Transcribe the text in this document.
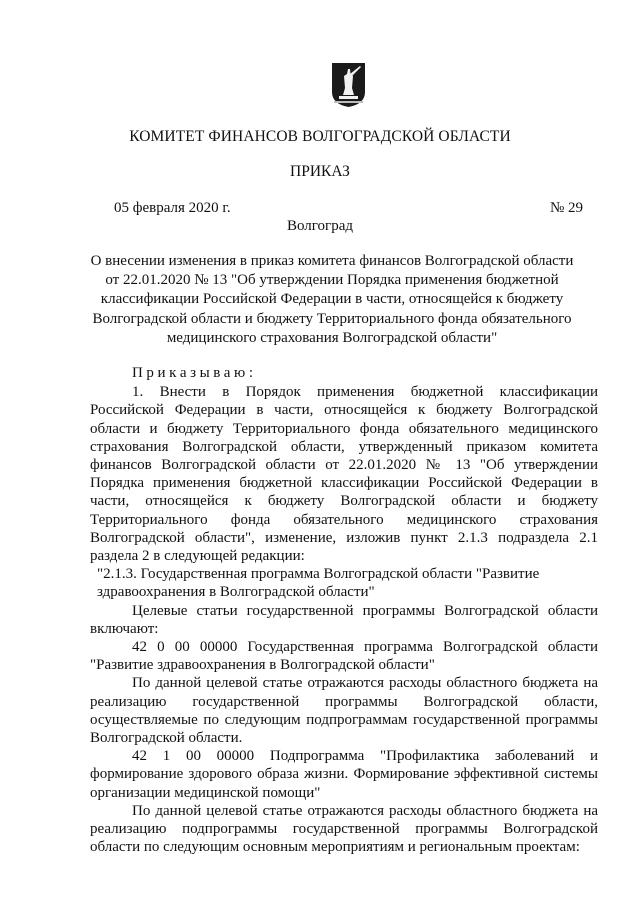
КОМИТЕТ ФИНАНСОВ ВОЛГОГРАДСКОЙ ОБЛАСТИ
ПРИКАЗ
05 февраля 2020 г.	№ 29
Волгоград
О внесении изменения в приказ комитета финансов Волгоградской области от 22.01.2020 № 13 "Об утверждении Порядка применения бюджетной классификации Российской Федерации в части, относящейся к бюджету Волгоградской области и бюджету Территориального фонда обязательного медицинского страхования Волгоградской области"

Приказываю:

1. Внести в Порядок применения бюджетной классификации Российской Федерации в части, относящейся к бюджету Волгоградской области и бюджету Территориального фонда обязательного медицинского страхования Волгоградской области, утвержденный приказом комитета финансов Волгоградской области от 22.01.2020 № 13 "Об утверждении Порядка применения бюджетной классификации Российской Федерации в части, относящейся к бюджету Волгоградской области и бюджету Территориального фонда обязательного медицинского страхования Волгоградской области", изменение, изложив пункт 2.1.3 подраздела 2.1 раздела 2 в следующей редакции:

"2.1.3. Государственная программа Волгоградской области "Развитие здравоохранения в Волгоградской области"

Целевые статьи государственной программы Волгоградской области включают:

42 0 00 00000 Государственная программа Волгоградской области "Развитие здравоохранения в Волгоградской области"

По данной целевой статье отражаются расходы областного бюджета на реализацию государственной программы Волгоградской области, осуществляемые по следующим подпрограммам государственной программы Волгоградской области.

42 1 00 00000 Подпрограмма "Профилактика заболеваний и формирование здорового образа жизни. Формирование эффективной системы организации медицинской помощи"

По данной целевой статье отражаются расходы областного бюджета на реализацию подпрограммы государственной программы Волгоградской области по следующим основным мероприятиям и региональным проектам:
